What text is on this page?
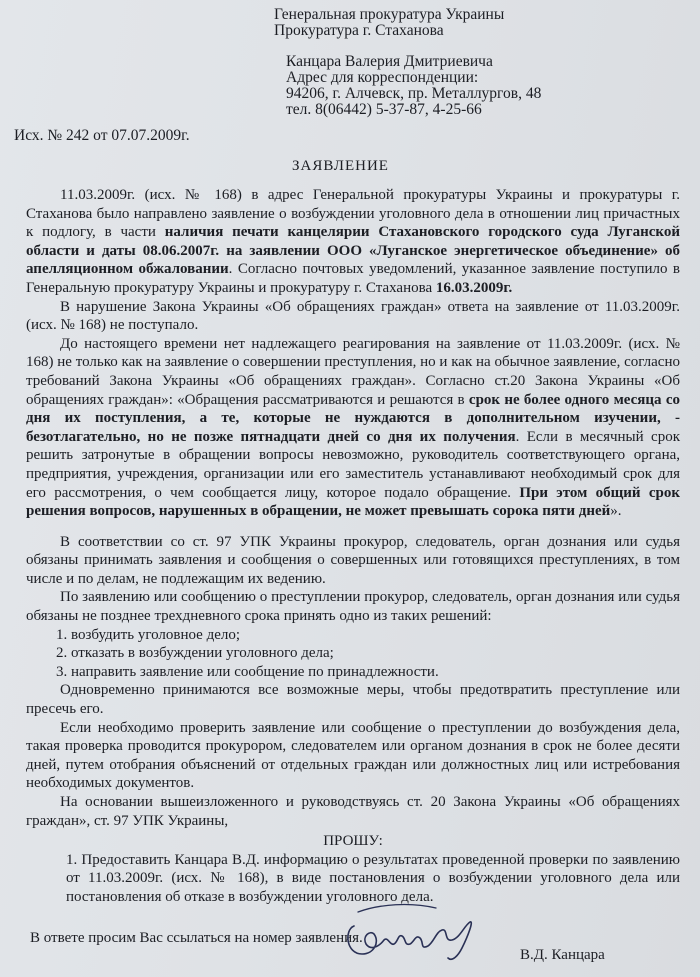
Генеральная прокуратура Украины
Прокуратура г. Стаханова
Канцара Валерия Дмитриевича
Адрес для корреспонденции:
94206, г. Алчевск, пр. Металлургов, 48
тел. 8(06442) 5-37-87, 4-25-66
Исх. № 242 от 07.07.2009г.
ЗАЯВЛЕНИЕ

11.03.2009г. (исх. № 168) в адрес Генеральной прокуратуры Украины и прокуратуры г. Стаханова было направлено заявление о возбуждении уголовного дела в отношении лиц причастных к подлогу, в части наличия печати канцелярии Стахановского городского суда Луганской области и даты 08.06.2007г. на заявлении ООО «Луганское энергетическое объединение» об апелляционном обжаловании. Согласно почтовых уведомлений, указанное заявление поступило в Генеральную прокуратуру Украины и прокуратуру г. Стаханова 16.03.2009г.

В нарушение Закона Украины «Об обращениях граждан» ответа на заявление от 11.03.2009г. (исх. № 168) не поступало.

До настоящего времени нет надлежащего реагирования на заявление от 11.03.2009г. (исх. № 168) не только как на заявление о совершении преступления, но и как на обычное заявление, согласно требований Закона Украины «Об обращениях граждан». Согласно ст.20 Закона Украины «Об обращениях граждан»: «Обращения рассматриваются и решаются в срок не более одного месяца со дня их поступления, а те, которые не нуждаются в дополнительном изучении, - безотлагательно, но не позже пятнадцати дней со дня их получения. Если в месячный срок решить затронутые в обращении вопросы невозможно, руководитель соответствующего органа, предприятия, учреждения, организации или его заместитель устанавливают необходимый срок для его рассмотрения, о чем сообщается лицу, которое подало обращение. При этом общий срок решения вопросов, нарушенных в обращении, не может превышать сорока пяти дней».

В соответствии со ст. 97 УПК Украины прокурор, следователь, орган дознания или судья обязаны принимать заявления и сообщения о совершенных или готовящихся преступлениях, в том числе и по делам, не подлежащим их ведению.

По заявлению или сообщению о преступлении прокурор, следователь, орган дознания или судья обязаны не позднее трехдневного срока принять одно из таких решений:

1. возбудить уголовное дело;
2. отказать в возбуждении уголовного дела;
3. направить заявление или сообщение по принадлежности.

Одновременно принимаются все возможные меры, чтобы предотвратить преступление или пресечь его.

Если необходимо проверить заявление или сообщение о преступлении до возбуждения дела, такая проверка проводится прокурором, следователем или органом дознания в срок не более десяти дней, путем отобрания объяснений от отдельных граждан или должностных лиц или истребования необходимых документов.

На основании вышеизложенного и руководствуясь ст. 20 Закона Украины «Об обращениях граждан», ст. 97 УПК Украины,

ПРОШУ:

1. Предоставить Канцара В.Д. информацию о результатах проведенной проверки по заявлению от 11.03.2009г. (исх. № 168), в виде постановления о возбуждении уголовного дела или постановления об отказе в возбуждении уголовного дела.

В ответе просим Вас ссылаться на номер заявления.
В.Д. Канцара
